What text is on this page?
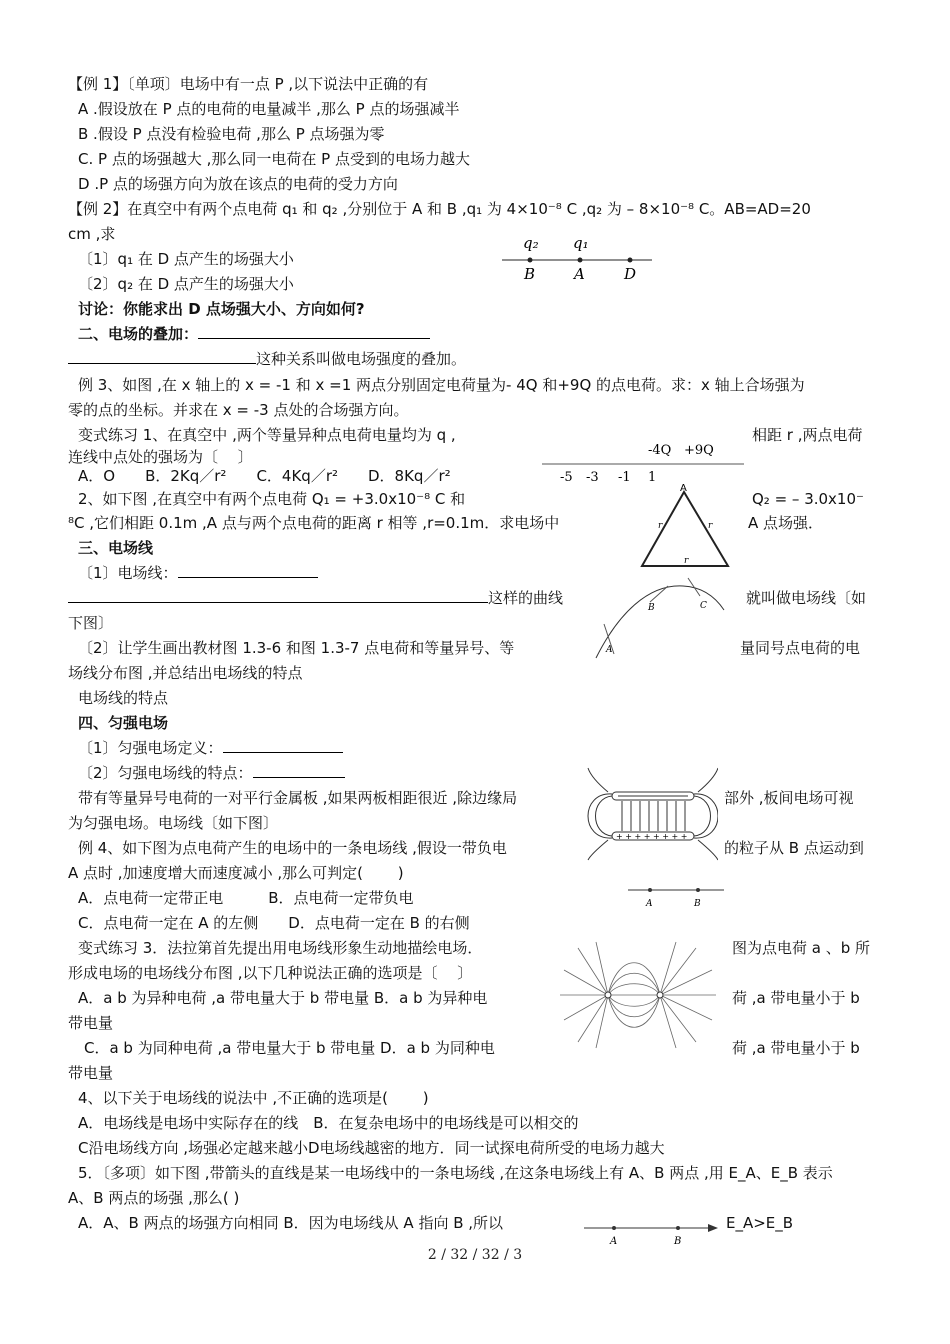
【例 1】〔单项〕电场中有一点 P ,以下说法中正确的有
A .假设放在 P 点的电荷的电量减半 ,那么 P 点的场强减半
B .假设 P 点没有检验电荷 ,那么 P 点场强为零
C. P 点的场强越大 ,那么同一电荷在 P 点受到的电场力越大
D .P 点的场强方向为放在该点的电荷的受力方向
【例 2】在真空中有两个点电荷 q₁ 和 q₂ ,分别位于 A 和 B ,q₁ 为 4×10⁻⁸ C ,q₂ 为 – 8×10⁻⁸ C。AB=AD=20
cm ,求
〔1〕q₁ 在 D 点产生的场强大小
〔2〕q₂ 在 D 点产生的场强大小
讨论：你能求出 D 点场强大小、方向如何?
二、电场的叠加：
这种关系叫做电场强度的叠加。
例 3、如图 ,在 x 轴上的 x = -1 和 x =1 两点分别固定电荷量为- 4Q 和+9Q 的点电荷。求：x 轴上合场强为
零的点的坐标。并求在 x = -3 点处的合场强方向。
变式练习 1、在真空中 ,两个等量异种点电荷电量均为 q ,	相距 r ,两点电荷
连线中点处的强场为〔　 〕
A．O　　B．2Kq／r²　　C．4Kq／r²　　D．8Kq／r²
2、如下图 ,在真空中有两个点电荷 Q₁ = +3.0x10⁻⁸ C 和	Q₂ = – 3.0x10⁻
⁸C ,它们相距 0.1m ,A 点与两个点电荷的距离 r 相等 ,r=0.1m．求电场中	A 点场强．
三、电场线
〔1〕电场线：
这样的曲线	就叫做电场线〔如
下图〕
〔2〕让学生画出教材图 1.3-6 和图 1.3-7 点电荷和等量异号、等	量同号点电荷的电
场线分布图 ,并总结出电场线的特点
电场线的特点
四、匀强电场
〔1〕匀强电场定义：
〔2〕匀强电场线的特点：
带有等量异号电荷的一对平行金属板 ,如果两板相距很近 ,除边缘局	部外 ,板间电场可视
为匀强电场。电场线〔如下图〕
例 4、如下图为点电荷产生的电场中的一条电场线 ,假设一带负电	的粒子从 B 点运动到
A 点时 ,加速度增大而速度减小 ,那么可判定(　　 )
A．点电荷一定带正电　　　B．点电荷一定带负电
C．点电荷一定在 A 的左侧　　D．点电荷一定在 B 的右侧
变式练习 3．法拉第首先提出用电场线形象生动地描绘电场．	图为点电荷 a 、b 所
形成电场的电场线分布图 ,以下几种说法正确的选项是〔　 〕
A．a b 为异种电荷 ,a 带电量大于 b 带电量 B．a b 为异种电	荷 ,a 带电量小于 b
带电量
C．a b 为同种电荷 ,a 带电量大于 b 带电量 D．a b 为同种电	荷 ,a 带电量小于 b
带电量
4、以下关于电场线的说法中 ,不正确的选项是(　　 )
A．电场线是电场中实际存在的线　B．在复杂电场中的电场线是可以相交的
C沿电场线方向 ,场强必定越来越小D电场线越密的地方．同一试探电荷所受的电场力越大
5．〔多项〕如下图 ,带箭头的直线是某一电场线中的一条电场线 ,在这条电场线上有 A、B 两点 ,用 E_A、E_B 表示
A、B 两点的场强 ,那么( )
A．A、B 两点的场强方向相同 B．因为电场线从 A 指向 B ,所以	E_A>E_B
q₂ q₁
B	A	D
-4Q +9Q
-5 -3 -1 1
A
r	r
r
A
B	C
+ + + + + + + +
A	B
A	B
2 / 32 / 32 / 3
